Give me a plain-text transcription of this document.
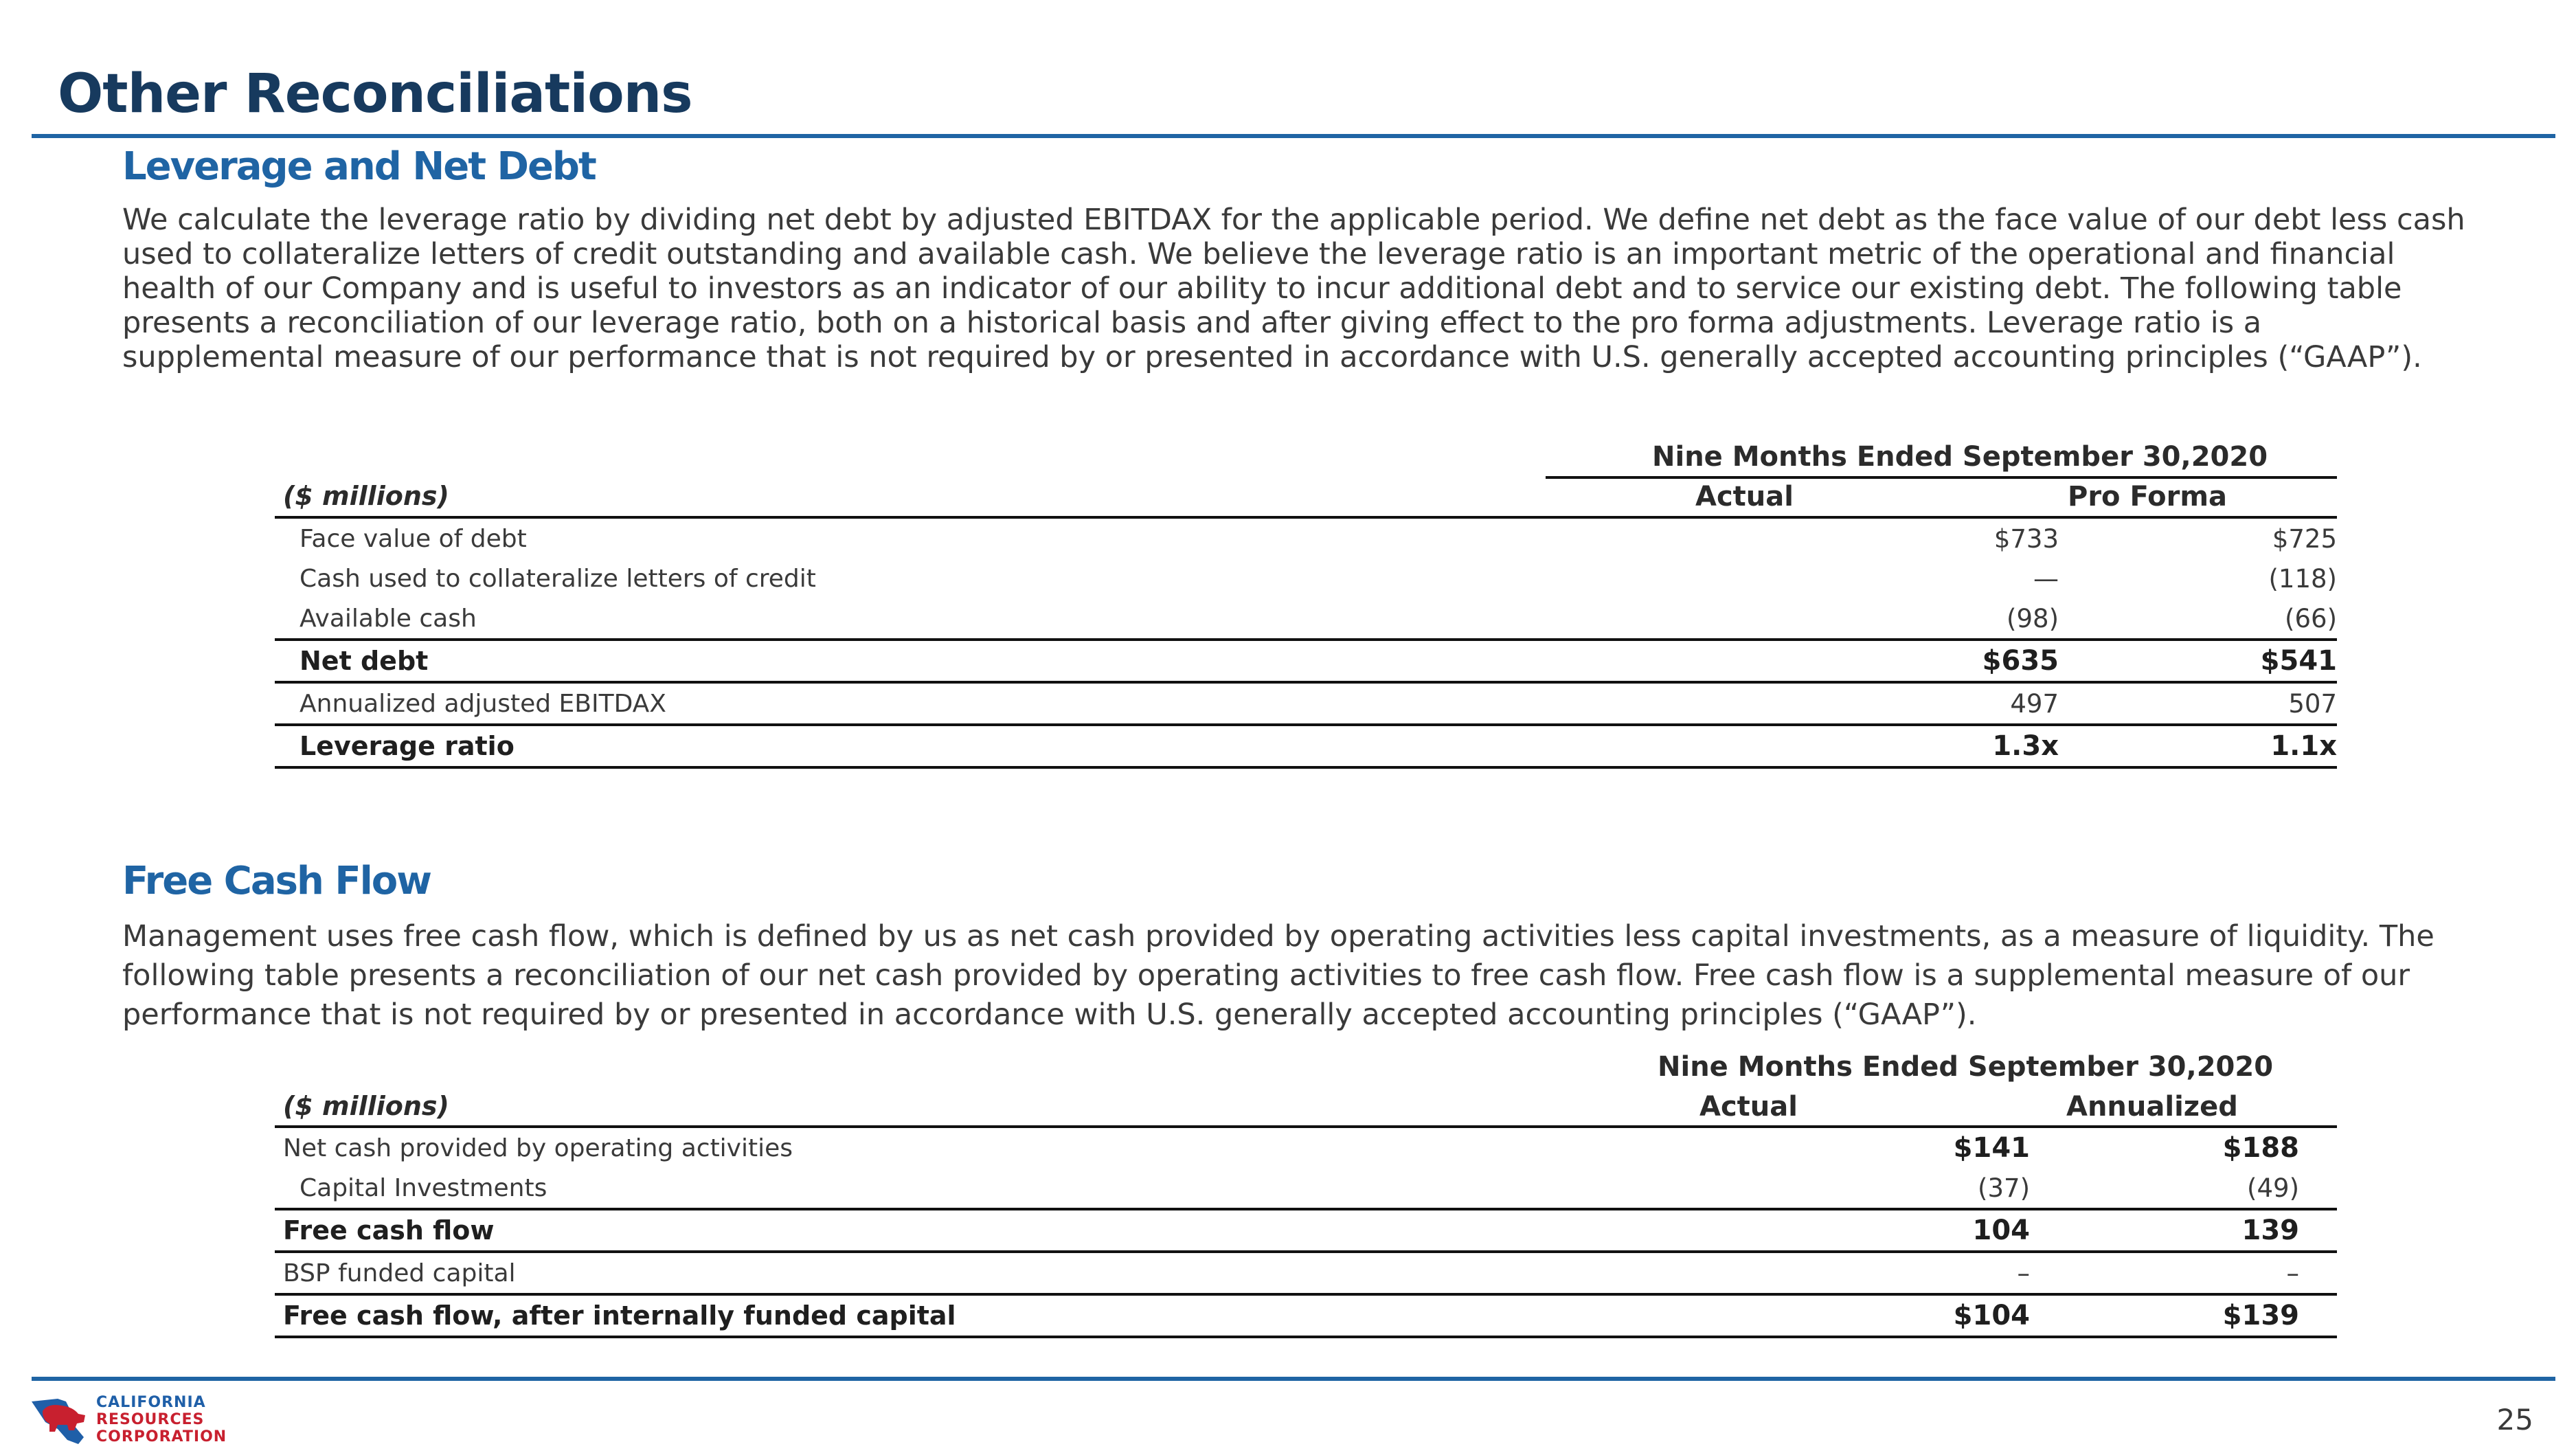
Other Reconciliations
Leverage and Net Debt

We calculate the leverage ratio by dividing net debt by adjusted EBITDAX for the applicable period. We define net debt as the face value of our debt less cash used to collateralize letters of credit outstanding and available cash. We believe the leverage ratio is an important metric of the operational and financial health of our Company and is useful to investors as an indicator of our ability to incur additional debt and to service our existing debt. The following table presents a reconciliation of our leverage ratio, both on a historical basis and after giving effect to the pro forma adjustments. Leverage ratio is a supplemental measure of our performance that is not required by or presented in accordance with U.S. generally accepted accounting principles (“GAAP”).

Nine Months Ended September 30,2020
($ millions)	Actual	Pro Forma
Face value of debt	$733	$725
Cash used to collateralize letters of credit	—	(118)
Available cash	(98)	(66)
Net debt	$635	$541
Annualized adjusted EBITDAX	497	507
Leverage ratio	1.3x	1.1x
Free Cash Flow

Management uses free cash flow, which is defined by us as net cash provided by operating activities less capital investments, as a measure of liquidity. The following table presents a reconciliation of our net cash provided by operating activities to free cash flow. Free cash flow is a supplemental measure of our performance that is not required by or presented in accordance with U.S. generally accepted accounting principles (“GAAP”).

Nine Months Ended September 30,2020
($ millions)	Actual	Annualized
Net cash provided by operating activities	$141	$188	
Capital Investments	(37)	(49)	
Free cash flow	104	139	
BSP funded capital	–	–	
Free cash flow, after internally funded capital	$104	$139	
CALIFORNIA
RESOURCES
CORPORATION
25
